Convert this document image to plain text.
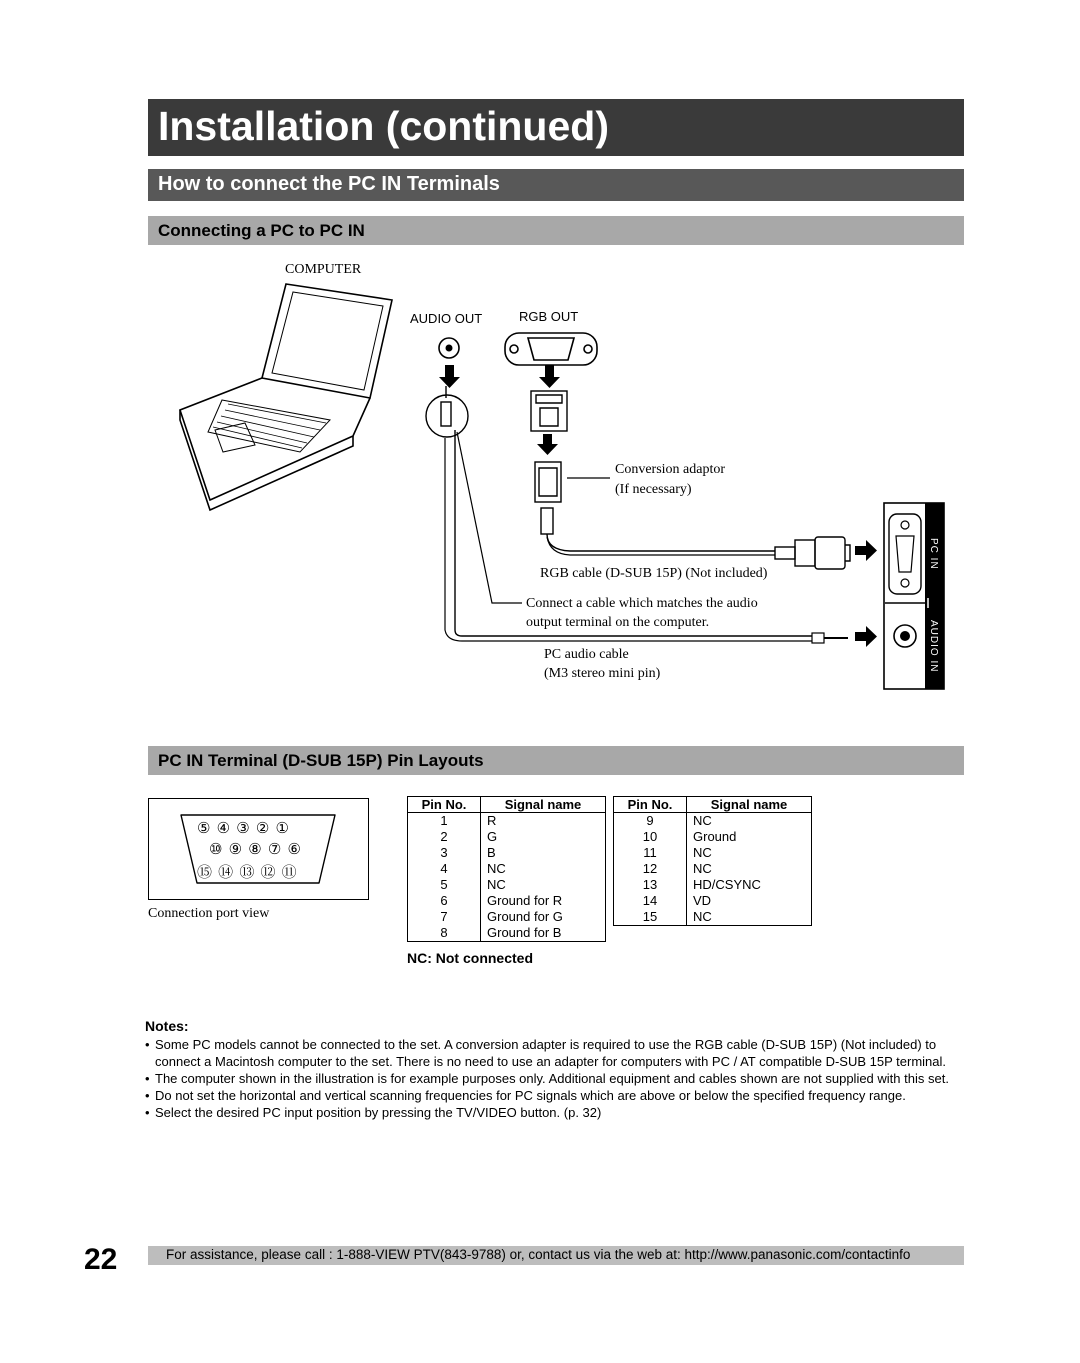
Installation (continued)
How to connect the PC IN Terminals
Connecting a PC to PC IN
COMPUTER
AUDIO OUT	RGB OUT
Conversion adaptor
(If necessary)
RGB cable (D-SUB 15P) (Not included)
Connect a cable which matches the audio
output terminal on the computer.
PC audio cable
(M3 stereo mini pin)
PC IN
AUDIO IN
PC IN Terminal (D-SUB 15P) Pin Layouts
⑤ ④ ③ ② ①
⑩ ⑨ ⑧ ⑦ ⑥
⑮ ⑭ ⑬ ⑫ ⑪
Connection port view
Pin No.	Signal name
1	R
2	G
3	B
4	NC
5	NC
6	Ground for R
7	Ground for G
8	Ground for B
Pin No.	Signal name
9	NC
10	Ground
11	NC
12	NC
13	HD/CSYNC
14	VD
15	NC
NC: Not connected
Notes:
• Some PC models cannot be connected to the set. A conversion adapter is required to use the RGB cable (D-SUB 15P) (Not included) to connect a Macintosh computer to the set. There is no need to use an adapter for computers with PC / AT compatible D-SUB 15P terminal.
• The computer shown in the illustration is for example purposes only. Additional equipment and cables shown are not supplied with this set.
• Do not set the horizontal and vertical scanning frequencies for PC signals which are above or below the specified frequency range.
• Select the desired PC input position by pressing the TV/VIDEO button. (p. 32)
22	For assistance, please call : 1-888-VIEW PTV(843-9788) or, contact us via the web at: http://www.panasonic.com/contactinfo
